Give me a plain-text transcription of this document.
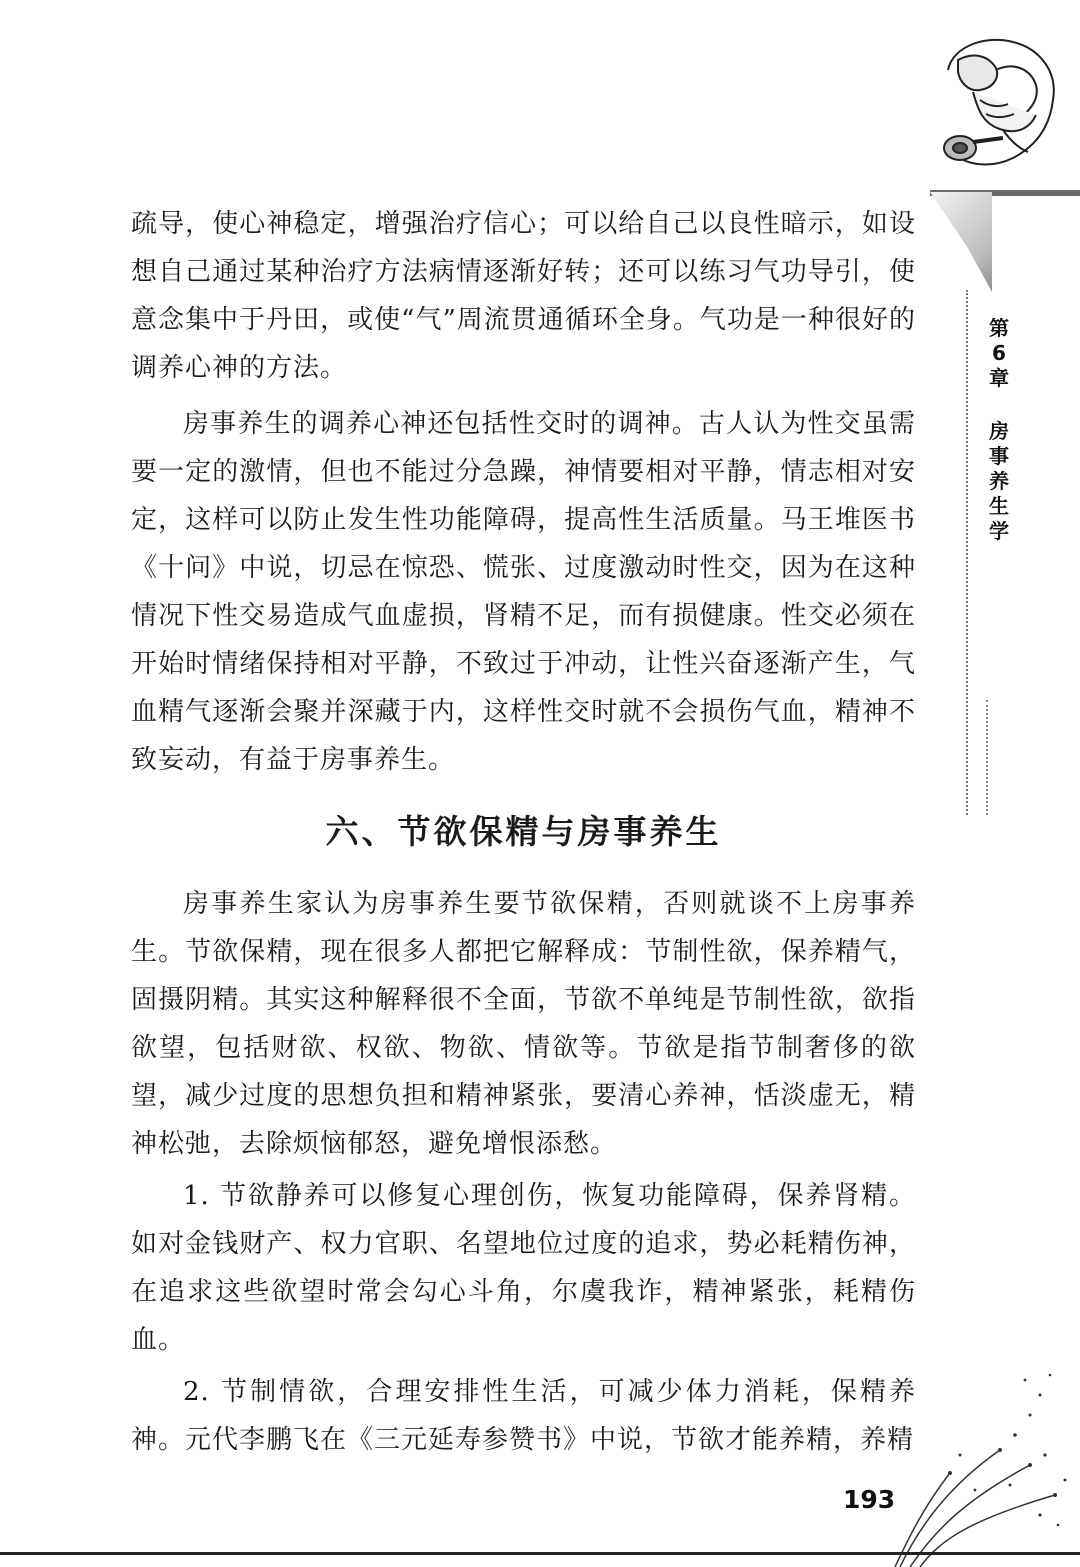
第
6
章
房
事
养
生
学

疏导，使心神稳定，增强治疗信心；可以给自己以良性暗示，如设想自己通过某种治疗方法病情逐渐好转；还可以练习气功导引，使意念集中于丹田，或使“气”周流贯通循环全身。气功是一种很好的调养心神的方法。

房事养生的调养心神还包括性交时的调神。古人认为性交虽需要一定的激情，但也不能过分急躁，神情要相对平静，情志相对安定，这样可以防止发生性功能障碍，提高性生活质量。马王堆医书《十问》中说，切忌在惊恐、慌张、过度激动时性交，因为在这种情况下性交易造成气血虚损，肾精不足，而有损健康。性交必须在开始时情绪保持相对平静，不致过于冲动，让性兴奋逐渐产生，气血精气逐渐会聚并深藏于内，这样性交时就不会损伤气血，精神不致妄动，有益于房事养生。

六、节欲保精与房事养生

房事养生家认为房事养生要节欲保精，否则就谈不上房事养生。节欲保精，现在很多人都把它解释成：节制性欲，保养精气，固摄阴精。其实这种解释很不全面，节欲不单纯是节制性欲，欲指欲望，包括财欲、权欲、物欲、情欲等。节欲是指节制奢侈的欲望，减少过度的思想负担和精神紧张，要清心养神，恬淡虚无，精神松弛，去除烦恼郁怒，避免增恨添愁。

1. 节欲静养可以修复心理创伤，恢复功能障碍，保养肾精。如对金钱财产、权力官职、名望地位过度的追求，势必耗精伤神，在追求这些欲望时常会勾心斗角，尔虞我诈，精神紧张，耗精伤血。

2. 节制情欲，合理安排性生活，可减少体力消耗，保精养神。元代李鹏飞在《三元延寿参赞书》中说，节欲才能养精，养精

193
